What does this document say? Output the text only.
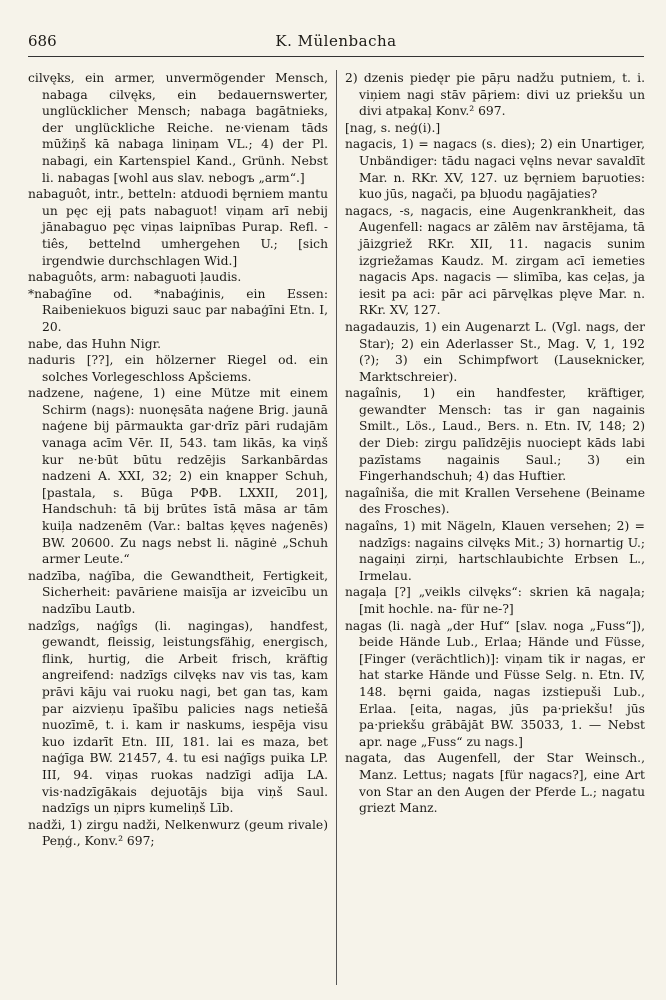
686	K. Mülenbacha

cilvęks, ein armer, unvermögender Mensch, nabaga cilvęks, ein bedauernswerter, unglücklicher Mensch; nabaga bagātnieks, der unglückliche Reiche. ne·vienam tāds mūžiņš kā nabaga liniņam VL.; 4) der Pl. nabagi, ein Kartenspiel Kand., Grünh. Nebst li. nabagas [wohl aus slav. nebogъ „arm“.]

nabaguôt, intr., betteln: atduodi bęrniem mantu un pęc ejį pats nabaguot! viņam arī nebij jānabaguo pęc viņas laipnības Purap. Refl. -tiês, bettelnd umhergehen U.; [sich irgendwie durchschlagen Wid.]

nabaguôts, arm: nabaguoti ļaudis.

*nabaģīne od. *nabaģinis, ein Essen: Raibeniekuos biguzi sauc par nabaģīni Etn. I, 20.

nabe, das Huhn Nigr.

naduris [??], ein hölzerner Riegel od. ein solches Vorlegeschloss Apšciems.

nadzene, naģene, 1) eine Mütze mit einem Schirm (nags): nuonęsāta naģene Brig. jaunā naģene bij pārmaukta gar·drīz pāri rudajām vanaga acīm Vēr. II, 543. tam likās, ka viņš kur ne·būt būtu redzējis Sarkanbārdas nadzeni A. XXI, 32; 2) ein knapper Schuh, [pastala, s. Būga РФВ. LXXII, 201], Handschuh: tā bij brūtes īstā māsa ar tām kuiļa nadzenēm (Var.: baltas ķęves naģenēs) BW. 20600. Zu nags nebst li. nāginė „Schuh armer Leute.“

nadzība, naģība, die Gewandtheit, Fertigkeit, Sicherheit: pavāriene maisīja ar izveicību un nadzību Lautb.

nadzîgs, naģîgs (li. nagingas), handfest, gewandt, fleissig, leistungsfähig, energisch, flink, hurtig, die Arbeit frisch, kräftig angreifend: nadzīgs cilvęks nav vis tas, kam prāvi kāju vai ruoku nagi, bet gan tas, kam par aizvieņu īpašību palicies nags netiešā nuozīmē, t. i. kam ir naskums, iespēja visu kuo izdarīt Etn. III, 181. lai es maza, bet naģīga BW. 21457, 4. tu esi naģīgs puika LP. III, 94. viņas ruokas nadzīgi adīja LA. vis·nadzīgākais dejuotājs bija viņš Saul. nadzīgs un ņiprs kumeliņš Līb.

nadži, 1) zirgu nadži, Nelkenwurz (geum rivale) Peņģ., Konv.² 697;

2) dzenis piedęr pie pāŗu nadžu putniem, t. i. viņiem nagi stāv pāŗiem: divi uz priekšu un divi atpakaļ Konv.² 697.

[nag, s. neģ(i).]

nagacis, 1) = nagacs (s. dies); 2) ein Unartiger, Unbändiger: tādu nagaci vęlns nevar savaldīt Mar. n. RKr. XV, 127. uz bęrniem baŗuoties: kuo jūs, nagači, pa bļuodu ņagājaties?

nagacs, -s, nagacis, eine Augenkrankheit, das Augenfell: nagacs ar zālēm nav ārstējama, tā jāizgriež RKr. XII, 11. nagacis sunim izgriežamas Kaudz. M. zirgam acī iemeties nagacis Aps. nagacis — slimība, kas ceļas, ja iesit pa aci: pār aci pārvęlkas plęve Mar. n. RKr. XV, 127.

nagadauzis, 1) ein Augenarzt L. (Vgl. nags, der Star); 2) ein Aderlasser St., Mag. V, 1, 192 (?); 3) ein Schimpfwort (Lauseknicker, Marktschreier).

nagaînis, 1) ein handfester, kräftiger, gewandter Mensch: tas ir gan nagainis Smilt., Lös., Laud., Bers. n. Etn. IV, 148; 2) der Dieb: zirgu palīdzējis nuociept kāds labi pazīstams nagainis Saul.; 3) ein Fingerhandschuh; 4) das Huftier.

nagaîniša, die mit Krallen Versehene (Beiname des Frosches).

nagaîns, 1) mit Nägeln, Klauen versehen; 2) = nadzīgs: nagains cilvęks Mit.; 3) hornartig U.; nagaiņi zirņi, hartschlaubichte Erbsen L., Irmelau.

nagaļa [?] „veikls cilvęks“: skrien kā nagaļa; [mit hochle. na- für ne-?]

nagas (li. nagà „der Huf“ [slav. noga „Fuss“]), beide Hände Lub., Erlaa; Hände und Füsse, [Finger (verächtlich)]: viņam tik ir nagas, er hat starke Hände und Füsse Selg. n. Etn. IV, 148. bęrni gaida, nagas izstiepuši Lub., Erlaa. [eita, nagas, jūs pa·priekšu! jūs pa·priekšu grābājāt BW. 35033, 1. — Nebst apr. nage „Fuss“ zu nags.]

nagata, das Augenfell, der Star Weinsch., Manz. Lettus; nagats [für nagacs?], eine Art von Star an den Augen der Pferde L.; nagatu griezt Manz.
